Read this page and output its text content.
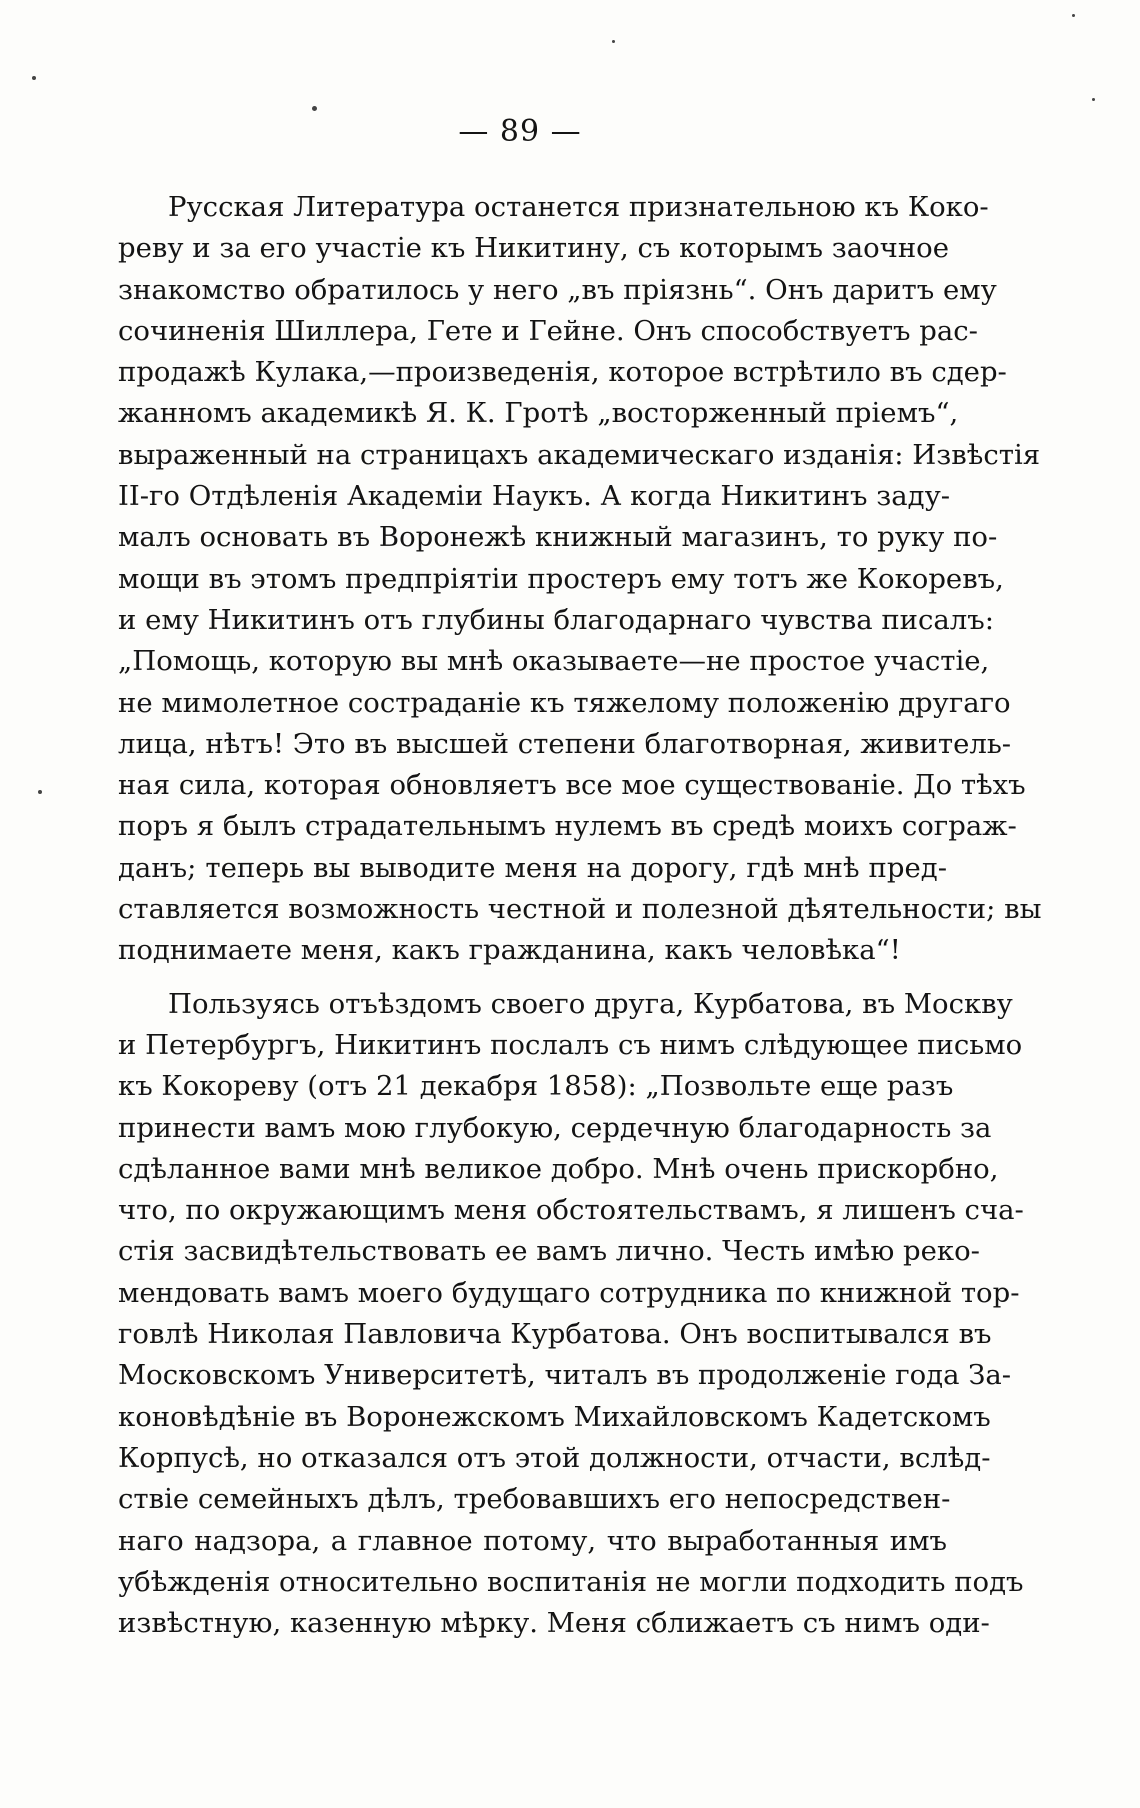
— 89 —
Русская Литература останется признательною къ Коко-
реву и за его участіе къ Никитину, съ которымъ заочное
знакомство обратилось у него „въ пріязнь“. Онъ даритъ ему
сочиненія Шиллера, Гете и Гейне. Онъ способствуетъ рас-
продажѣ Кулака,—произведенія, которое встрѣтило въ сдер-
жанномъ академикѣ Я. К. Гротѣ „восторженный пріемъ“,
выраженный на страницахъ академическаго изданія: Извѣстія
II-го Отдѣленія Академіи Наукъ. А когда Никитинъ заду-
малъ основать въ Воронежѣ книжный магазинъ, то руку по-
мощи въ этомъ предпріятіи простеръ ему тотъ же Кокоревъ,
и ему Никитинъ отъ глубины благодарнаго чувства писалъ:
„Помощь, которую вы мнѣ оказываете—не простое участіе,
не мимолетное состраданіе къ тяжелому положенію другаго
лица, нѣтъ! Это въ высшей степени благотворная, живитель-
ная сила, которая обновляетъ все мое существованіе. До тѣхъ
поръ я былъ страдательнымъ нулемъ въ средѣ моихъ сограж-
данъ; теперь вы выводите меня на дорогу, гдѣ мнѣ пред-
ставляется возможность честной и полезной дѣятельности; вы
поднимаете меня, какъ гражданина, какъ человѣка“!
Пользуясь отъѣздомъ своего друга, Курбатова, въ Москву
и Петербургъ, Никитинъ послалъ съ нимъ слѣдующее письмо
къ Кокореву (отъ 21 декабря 1858): „Позвольте еще разъ
принести вамъ мою глубокую, сердечную благодарность за
сдѣланное вами мнѣ великое добро. Мнѣ очень прискорбно,
что, по окружающимъ меня обстоятельствамъ, я лишенъ сча-
стія засвидѣтельствовать ее вамъ лично. Честь имѣю реко-
мендовать вамъ моего будущаго сотрудника по книжной тор-
говлѣ Николая Павловича Курбатова. Онъ воспитывался въ
Московскомъ Университетѣ, читалъ въ продолженіе года За-
коновѣдѣніе въ Воронежскомъ Михайловскомъ Кадетскомъ
Корпусѣ, но отказался отъ этой должности, отчасти, вслѣд-
ствіе семейныхъ дѣлъ, требовавшихъ его непосредствен-
наго надзора, а главное потому, что выработанныя имъ
убѣжденія относительно воспитанія не могли подходить подъ
извѣстную, казенную мѣрку. Меня сближаетъ съ нимъ оди-
